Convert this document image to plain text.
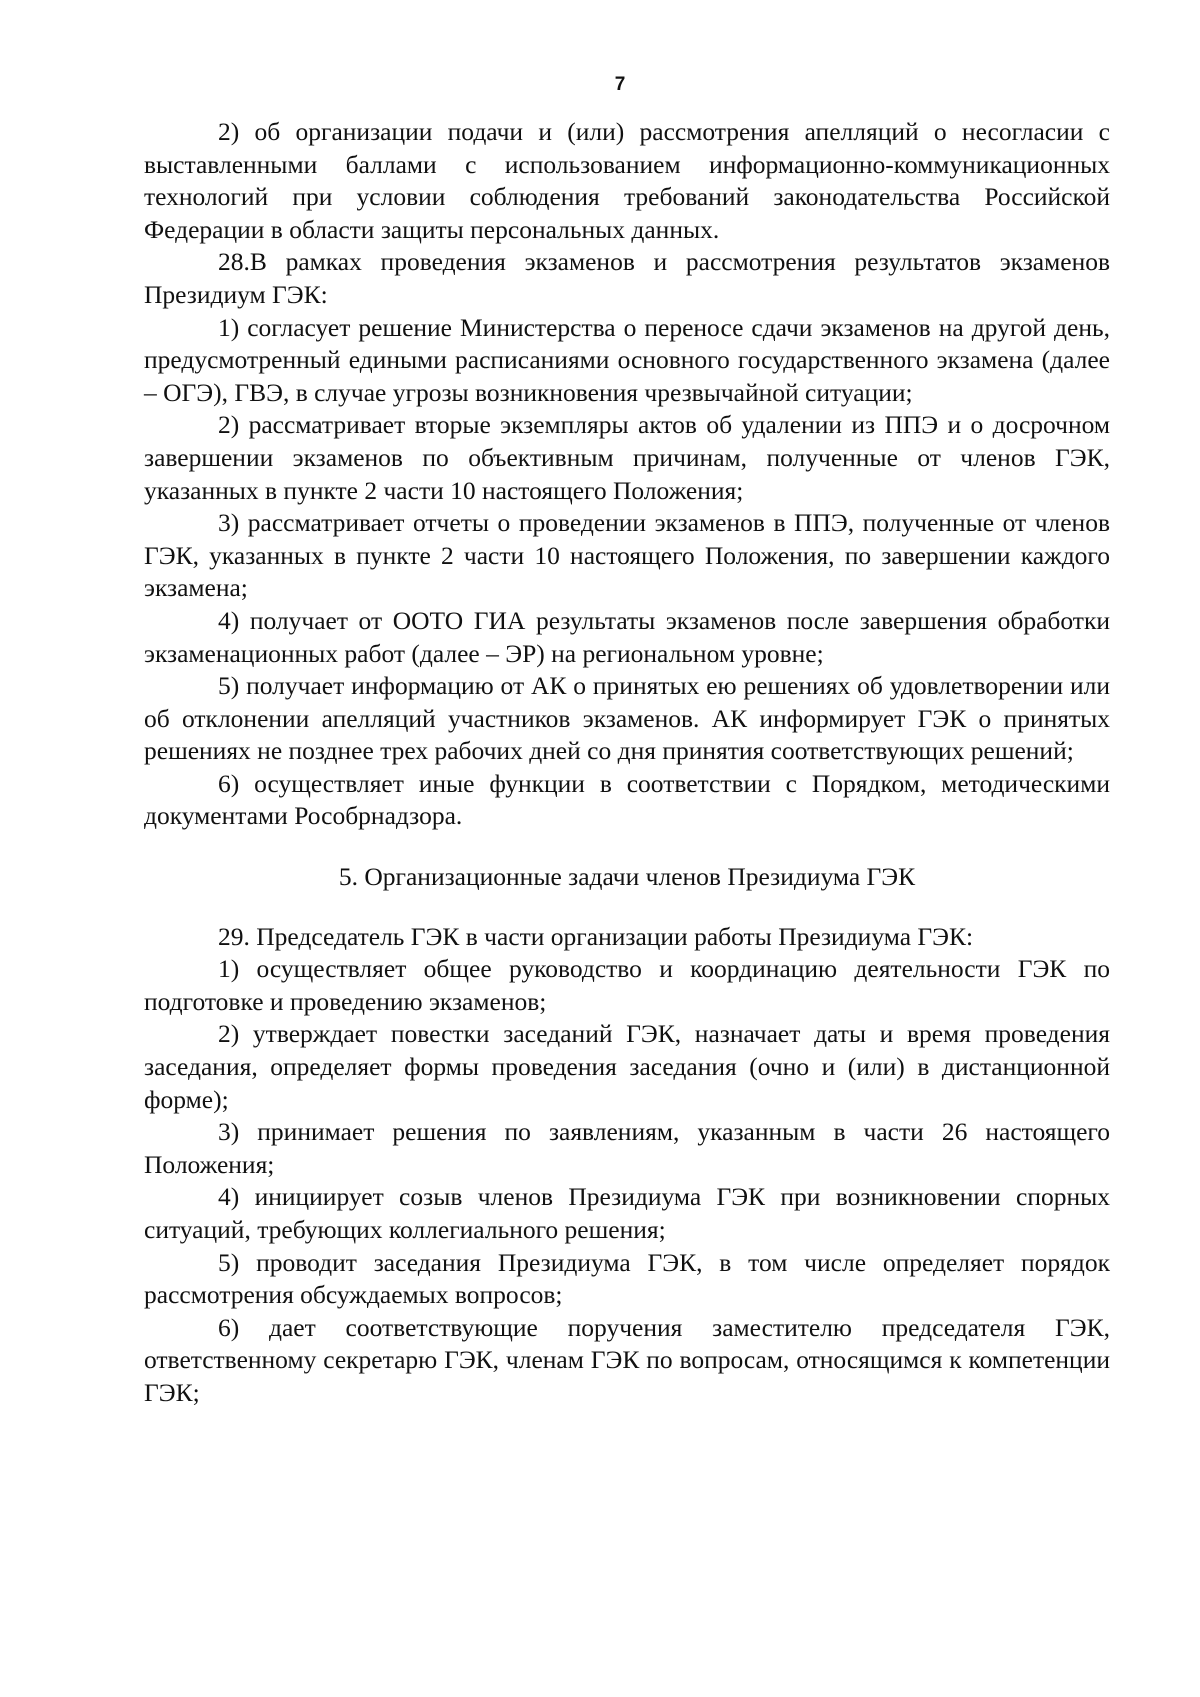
7

2) об организации подачи и (или) рассмотрения апелляций о несогласии с выставленными баллами с использованием информационно-коммуникационных технологий при условии соблюдения требований законодательства Российской Федерации в области защиты персональных данных.

28.В рамках проведения экзаменов и рассмотрения результатов экзаменов Президиум ГЭК:

1) согласует решение Министерства о переносе сдачи экзаменов на другой день, предусмотренный едиными расписаниями основного государственного экзамена (далее – ОГЭ), ГВЭ, в случае угрозы возникновения чрезвычайной ситуации;

2) рассматривает вторые экземпляры актов об удалении из ППЭ и о досрочном завершении экзаменов по объективным причинам, полученные от членов ГЭК, указанных в пункте 2 части 10 настоящего Положения;

3) рассматривает отчеты о проведении экзаменов в ППЭ, полученные от членов ГЭК, указанных в пункте 2 части 10 настоящего Положения, по завершении каждого экзамена;

4) получает от ООТО ГИА результаты экзаменов после завершения обработки экзаменационных работ (далее – ЭР) на региональном уровне;

5) получает информацию от АК о принятых ею решениях об удовлетворении или об отклонении апелляций участников экзаменов. АК информирует ГЭК о принятых решениях не позднее трех рабочих дней со дня принятия соответствующих решений;

6) осуществляет иные функции в соответствии с Порядком, методическими документами Рособрнадзора.

5. Организационные задачи членов Президиума ГЭК

29. Председатель ГЭК в части организации работы Президиума ГЭК:

1) осуществляет общее руководство и координацию деятельности ГЭК по подготовке и проведению экзаменов;

2) утверждает повестки заседаний ГЭК, назначает даты и время проведения заседания, определяет формы проведения заседания (очно и (или) в дистанционной форме);

3) принимает решения по заявлениям, указанным в части 26 настоящего Положения;

4) инициирует созыв членов Президиума ГЭК при возникновении спорных ситуаций, требующих коллегиального решения;

5) проводит заседания Президиума ГЭК, в том числе определяет порядок рассмотрения обсуждаемых вопросов;

6) дает соответствующие поручения заместителю председателя ГЭК, ответственному секретарю ГЭК, членам ГЭК по вопросам, относящимся к компетенции ГЭК;
